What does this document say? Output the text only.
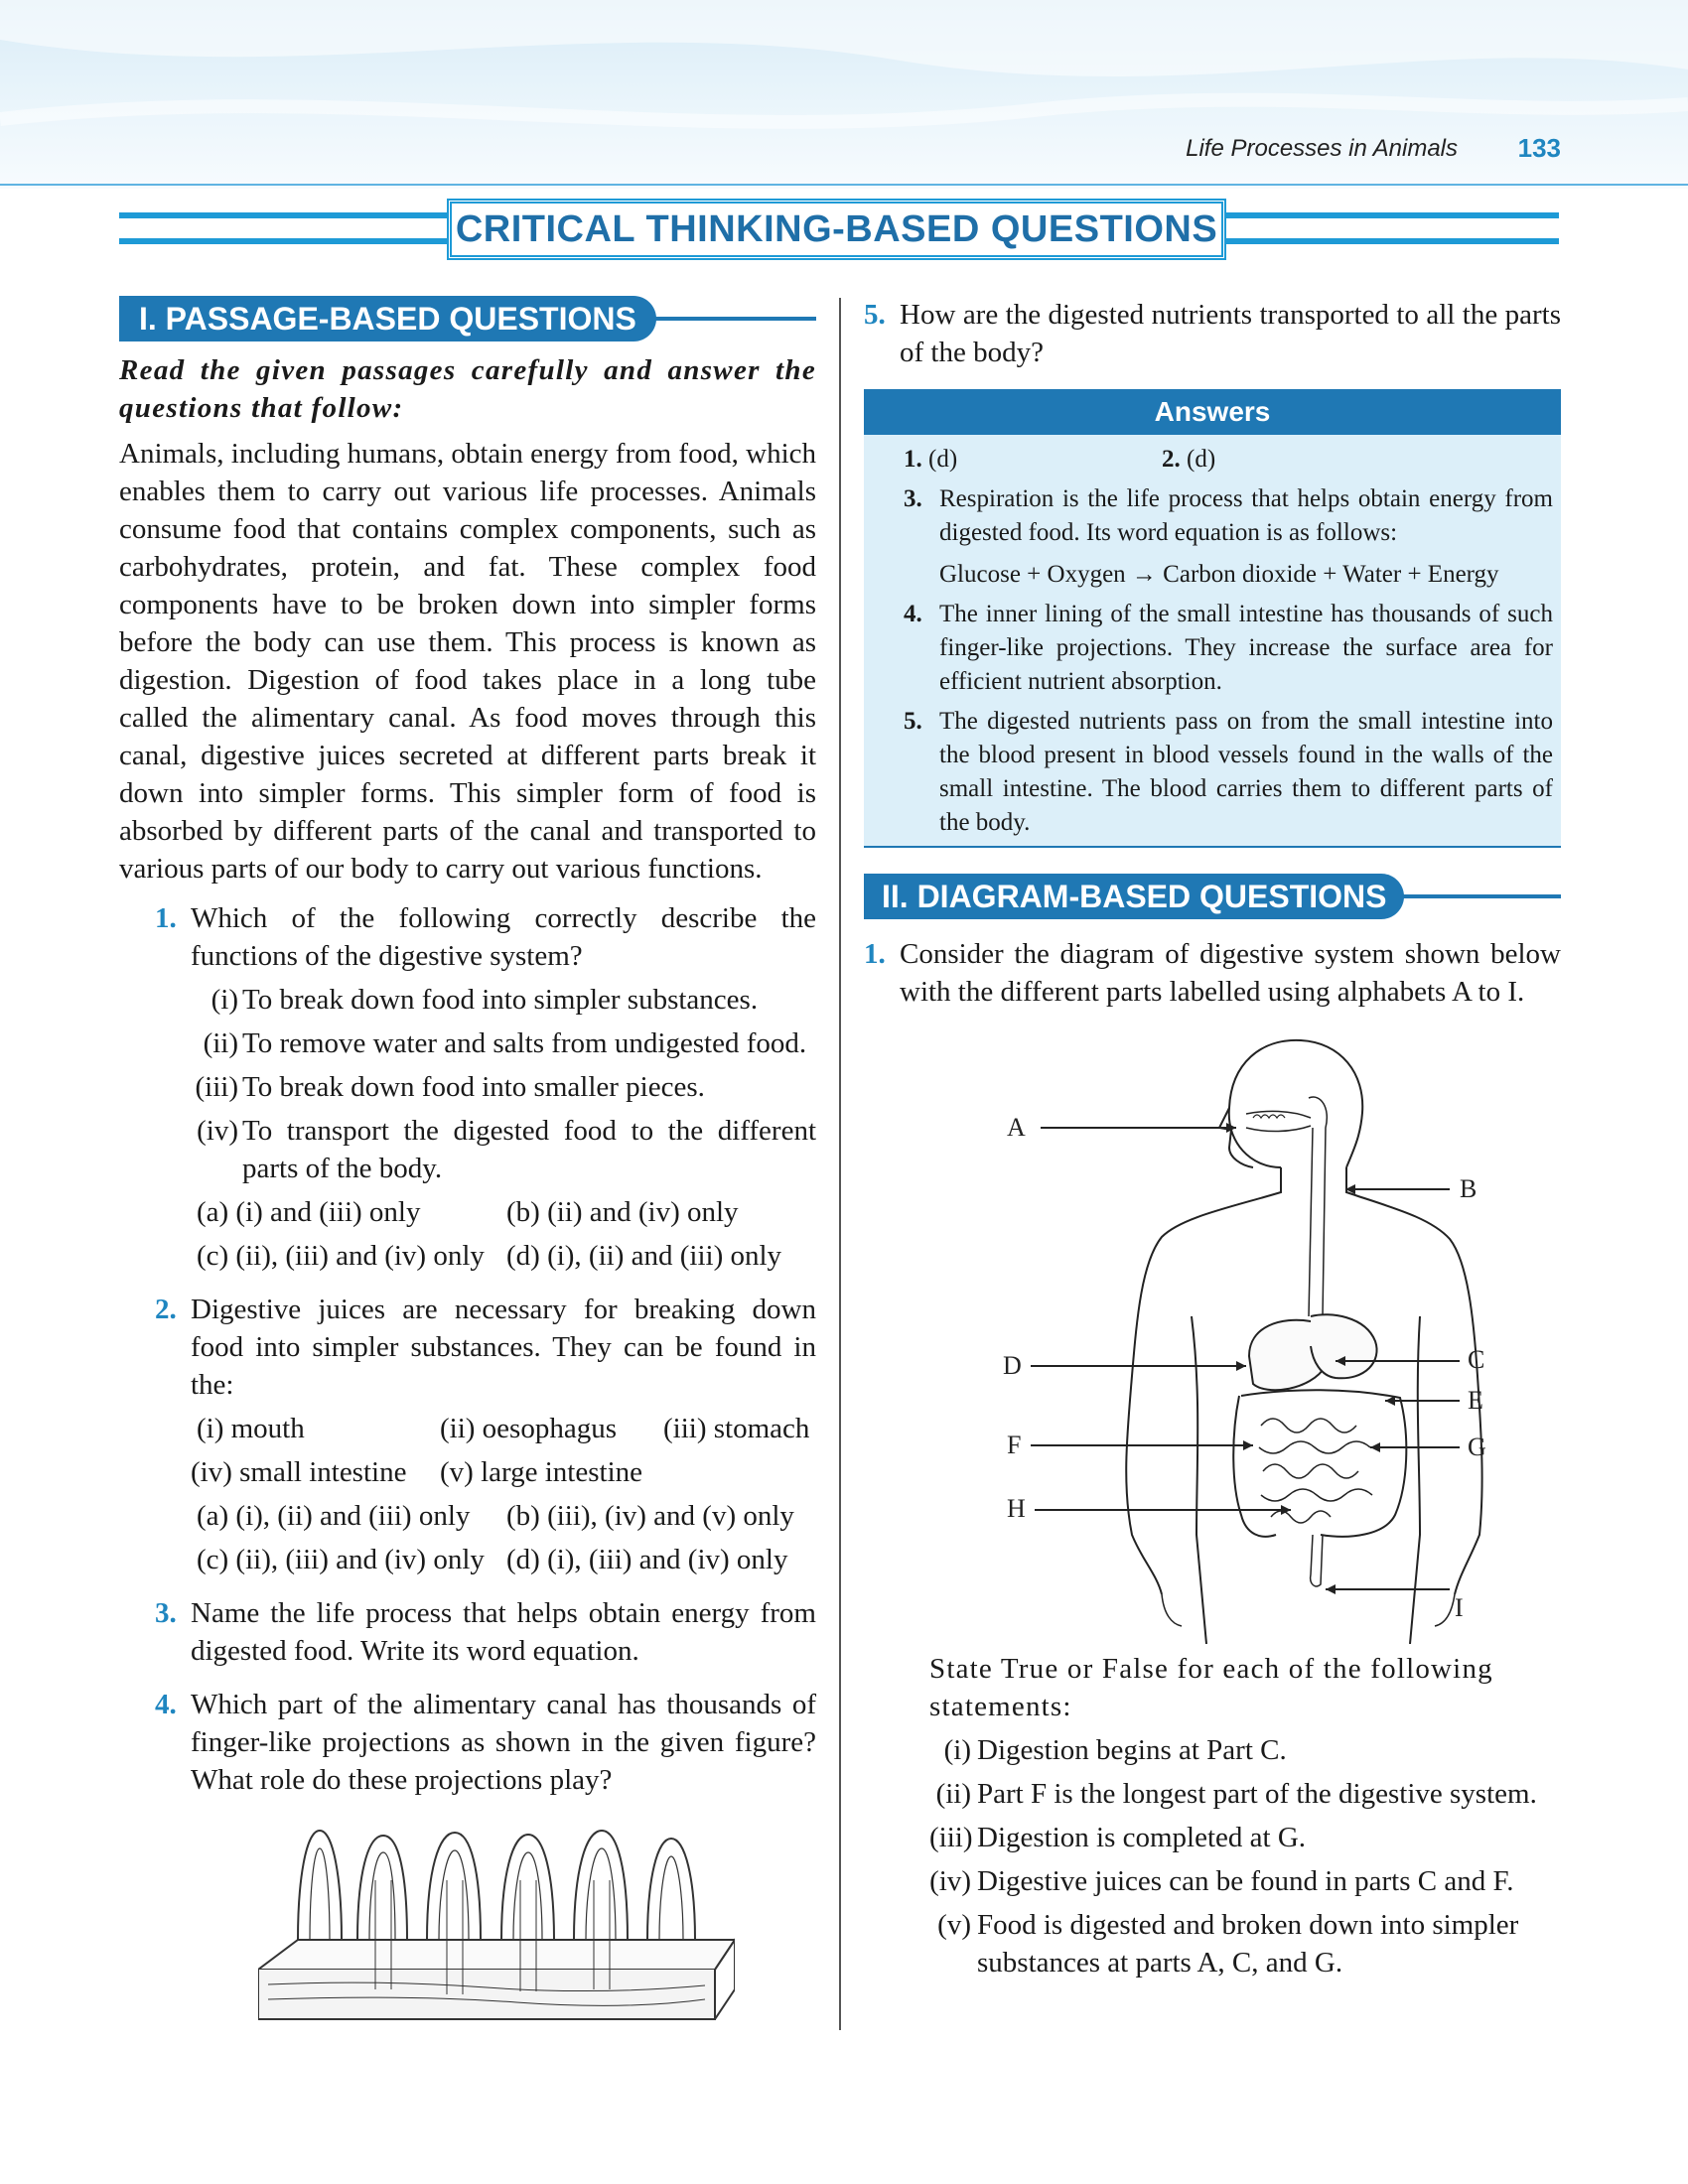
Life Processes in Animals 133
CRITICAL THINKING-BASED QUESTIONS
I. PASSAGE-BASED QUESTIONS
Read the given passages carefully and answer the questions that follow:
Animals, including humans, obtain energy from food, which enables them to carry out various life processes. Animals consume food that contains complex components, such as carbohydrates, protein, and fat. These complex food components have to be broken down into simpler forms before the body can use them. This process is known as digestion. Digestion of food takes place in a long tube called the alimentary canal. As food moves through this canal, digestive juices secreted at different parts break it down into simpler forms. This simpler form of food is absorbed by different parts of the canal and transported to various parts of our body to carry out various functions.
1. Which of the following correctly describe the functions of the digestive system?
(i) To break down food into simpler substances.
(ii) To remove water and salts from undigested food.
(iii) To break down food into smaller pieces.
(iv) To transport the digested food to the different parts of the body.
(a) (i) and (iii) only	(b) (ii) and (iv) only
(c) (ii), (iii) and (iv) only (d) (i), (ii) and (iii) only
2. Digestive juices are necessary for breaking down food into simpler substances. They can be found in the:
(i) mouth	(ii) oesophagus	(iii) stomach
(iv) small intestine	(v) large intestine
(a) (i), (ii) and (iii) only	(b) (iii), (iv) and (v) only
(c) (ii), (iii) and (iv) only (d) (i), (iii) and (iv) only
3. Name the life process that helps obtain energy from digested food. Write its word equation.
4. Which part of the alimentary canal has thousands of finger-like projections as shown in the given figure? What role do these projections play?
5. How are the digested nutrients transported to all the parts of the body?
Answers
1. (d)	2. (d)
3. Respiration is the life process that helps obtain energy from digested food. Its word equation is as follows:
Glucose + Oxygen → Carbon dioxide + Water + Energy
4. The inner lining of the small intestine has thousands of such finger-like projections. They increase the surface area for efficient nutrient absorption.
5. The digested nutrients pass on from the small intestine into the blood present in blood vessels found in the walls of the small intestine. The blood carries them to different parts of the body.
II. DIAGRAM-BASED QUESTIONS
1. Consider the diagram of digestive system shown below with the different parts labelled using alphabets A to I.
A
B
C
D
E
F	G
H
I
State True or False for each of the following statements:
(i) Digestion begins at Part C.
(ii) Part F is the longest part of the digestive system.
(iii) Digestion is completed at G.
(iv) Digestive juices can be found in parts C and F.
(v) Food is digested and broken down into simpler substances at parts A, C, and G.
